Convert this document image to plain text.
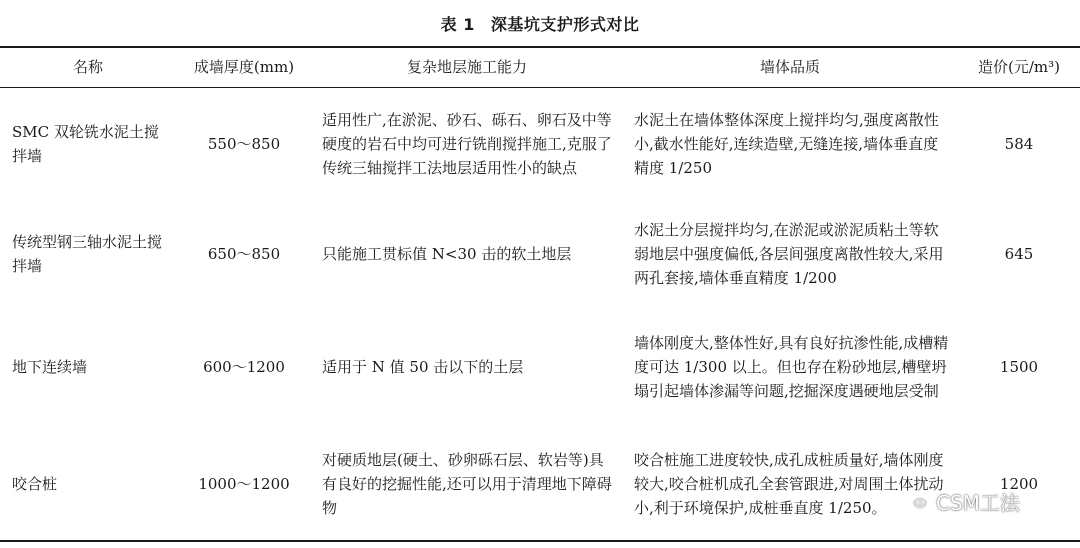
表 1 深基坑支护形式对比
名称	成墙厚度(mm)	复杂地层施工能力	墙体品质	造价(元/m³)
SMC 双轮铣水泥土搅拌墙	550～850	适用性广,在淤泥、砂石、砾石、卵石及中等硬度的岩石中均可进行铣削搅拌施工,克服了传统三轴搅拌工法地层适用性小的缺点	水泥土在墙体整体深度上搅拌均匀,强度离散性小,截水性能好,连续造壁,无缝连接,墙体垂直度精度 1/250	584
传统型钢三轴水泥土搅拌墙	650～850	只能施工贯标值 N<30 击的软土地层	水泥土分层搅拌均匀,在淤泥或淤泥质粘土等软弱地层中强度偏低,各层间强度离散性较大,采用两孔套接,墙体垂直精度 1/200	645
地下连续墙	600～1200	适用于 N 值 50 击以下的土层	墙体刚度大,整体性好,具有良好抗渗性能,成槽精度可达 1/300 以上。但也存在粉砂地层,槽壁坍塌引起墙体渗漏等问题,挖掘深度遇硬地层受制	1500
咬合桩	1000～1200	对硬质地层(硬土、砂卵砾石层、软岩等)具有良好的挖掘性能,还可以用于清理地下障碍物	咬合桩施工进度较快,成孔成桩质量好,墙体刚度较大,咬合桩机成孔全套管跟进,对周围土体扰动小,利于环境保护,成桩垂直度 1/250。	1200
CSM工法
